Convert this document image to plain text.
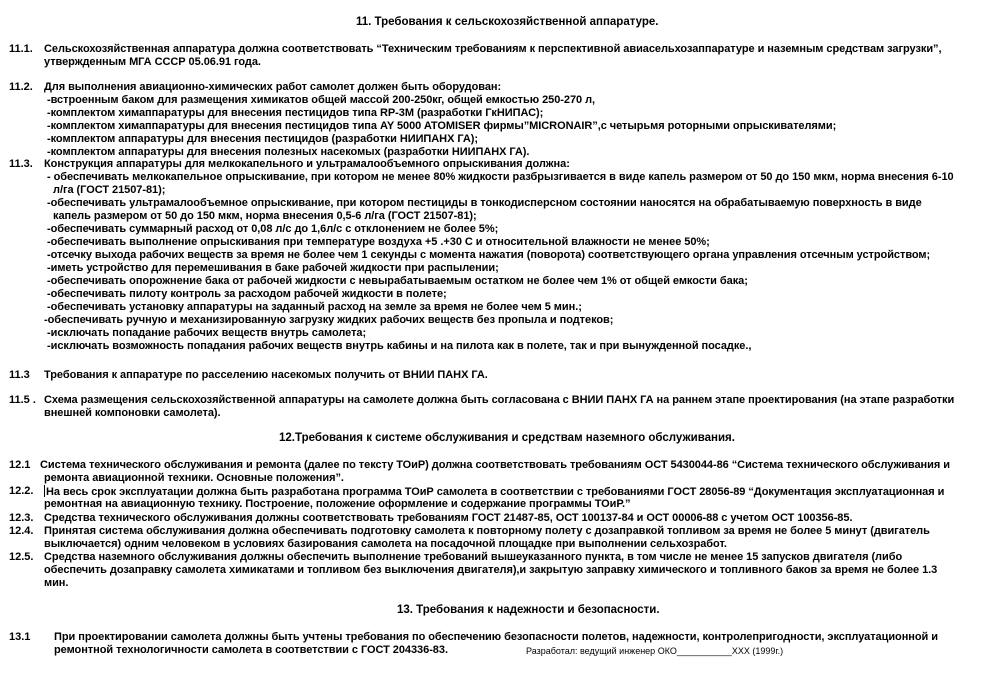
11. Требования к сельскохозяйственной аппаратуре.
11.1. Сельскохозяйственная аппаратура должна соответствовать “Техническим требованиям к перспективной авиасельхозаппаратуре и наземным средствам загрузки”,
утвержденным МГА СССР 05.06.91 года.
11.2. Для выполнения авиационно-химических работ самолет должен быть оборудован:
-встроенным баком для размещения химикатов общей массой 200-250кг, общей емкостью 250-270 л,
-комплектом химаппаратуры для внесения пестицидов типа RP-3M (разработки ГкНИПАС);
-комплектом химаппаратуры для внесения пестицидов типа AY 5000 ATOMISER фирмы”MICRONAIR”,с четырьмя роторными опрыскивателями;
-комплектом аппаратуры для внесения пестицидов (разработки НИИПАНХ ГА);
-комплектом аппаратуры для внесения полезных насекомых (разработки НИИПАНХ ГА).
11.3. Конструкция аппаратуры для мелкокапельного и ультрамалообъемного опрыскивания должна:
- обеспечивать мелкокапельное опрыскивание, при котором не менее 80% жидкости разбрызгивается в виде капель размером от 50 до 150 мкм, норма внесения 6-10
л/га (ГОСТ 21507-81);
-обеспечивать ультрамалообъемное опрыскивание, при котором пестициды в тонкодисперсном состоянии наносятся на обрабатываемую поверхность в виде
капель размером от 50 до 150 мкм, норма внесения 0,5-6 л/га (ГОСТ 21507-81);
-обеспечивать суммарный расход от 0,08 л/с до 1,6л/с с отклонением не более 5%;
-обеспечивать выполнение опрыскивания при температуре воздуха +5 .+30 С и относительной влажности не менее 50%;
-отсечку выхода рабочих веществ за время не более чем 1 секунды с момента нажатия (поворота) соответствующего органа управления отсечным устройством;
-иметь устройство для перемешивания в баке рабочей жидкости при распылении;
-обеспечивать опорожнение бака от рабочей жидкости с невырабатываемым остатком не более чем 1% от общей емкости бака;
-обеспечивать пилоту контроль за расходом рабочей жидкости в полете;
-обеспечивать установку аппаратуры на заданный расход на земле за время не более чем 5 мин.;
-обеспечивать ручную и механизированную загрузку жидких рабочих веществ без пропыла и подтеков;
-исключать попадание рабочих веществ внутрь самолета;
-исключать возможность попадания рабочих веществ внутрь кабины и на пилота как в полете, так и при вынужденной посадке.,
11.3 Требования к аппаратуре по расселению насекомых получить от ВНИИ ПАНХ ГА.
11.5 . Схема размещения сельскохозяйственной аппаратуры на самолете должна быть согласована с ВНИИ ПАНХ ГА на раннем этапе проектирования (на этапе разработки
внешней компоновки самолета).
12.Требования к системе обслуживания и средствам наземного обслуживания.
12.1 Система технического обслуживания и ремонта (далее по тексту ТОиР) должна соответствовать требованиям ОСТ 5430044-86 “Система технического обслуживания и
ремонта авиационной техники. Основные положения”.
12.2. На весь срок эксплуатации должна быть разработана программа ТОиР самолета в соответствии с требованиями ГОСТ 28056-89 “Документация эксплуатационная и
ремонтная на авиационную технику. Построение, положение оформление и содержание программы ТОиР.”
12.3. Средства технического обслуживания должны соответствовать требованиям ГОСТ 21487-85, ОСТ 100137-84 и ОСТ 00006-88 с учетом ОСТ 100356-85.
12.4. Принятая система обслуживания должна обеспечивать подготовку самолета к повторному полету с дозаправкой топливом за время не более 5 минут (двигатель
выключается) одним человеком в условиях базирования самолета на посадочной площадке при выполнении сельхозработ.
12.5. Средства наземного обслуживания должны обеспечить выполнение требований вышеуказанного пункта, в том числе не менее 15 запусков двигателя (либо
обеспечить дозаправку самолета химикатами и топливом без выключения двигателя),и закрытую заправку химического и топливного баков за время не более 1.3
мин.
13. Требования к надежности и безопасности.
13.1 При проектировании самолета должны быть учтены требования по обеспечению безопасности полетов, надежности, контролепригодности, эксплуатационной и
ремонтной технологичности самолета в соответствии с ГОСТ 204336-83.	Разработал: ведущий инженер ОКО___________ХХХ (1999г.)
